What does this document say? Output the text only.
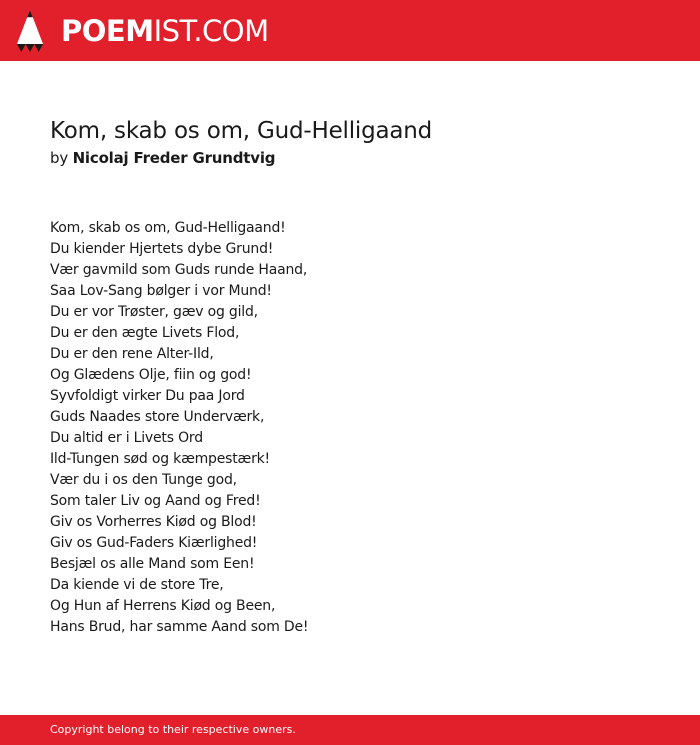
POEMIST.COM
Kom, skab os om, Gud-Helligaand
by Nicolaj Freder Grundtvig
Kom, skab os om, Gud-Helligaand!
Du kiender Hjertets dybe Grund!
Vær gavmild som Guds runde Haand,
Saa Lov-Sang bølger i vor Mund!
Du er vor Trøster, gæv og gild,
Du er den ægte Livets Flod,
Du er den rene Alter-Ild,
Og Glædens Olje, fiin og god!
Syvfoldigt virker Du paa Jord
Guds Naades store Underværk,
Du altid er i Livets Ord
Ild-Tungen sød og kæmpestærk!
Vær du i os den Tunge god,
Som taler Liv og Aand og Fred!
Giv os Vorherres Kiød og Blod!
Giv os Gud-Faders Kiærlighed!
Besjæl os alle Mand som Een!
Da kiende vi de store Tre,
Og Hun af Herrens Kiød og Been,
Hans Brud, har samme Aand som De!
Copyright belong to their respective owners.
